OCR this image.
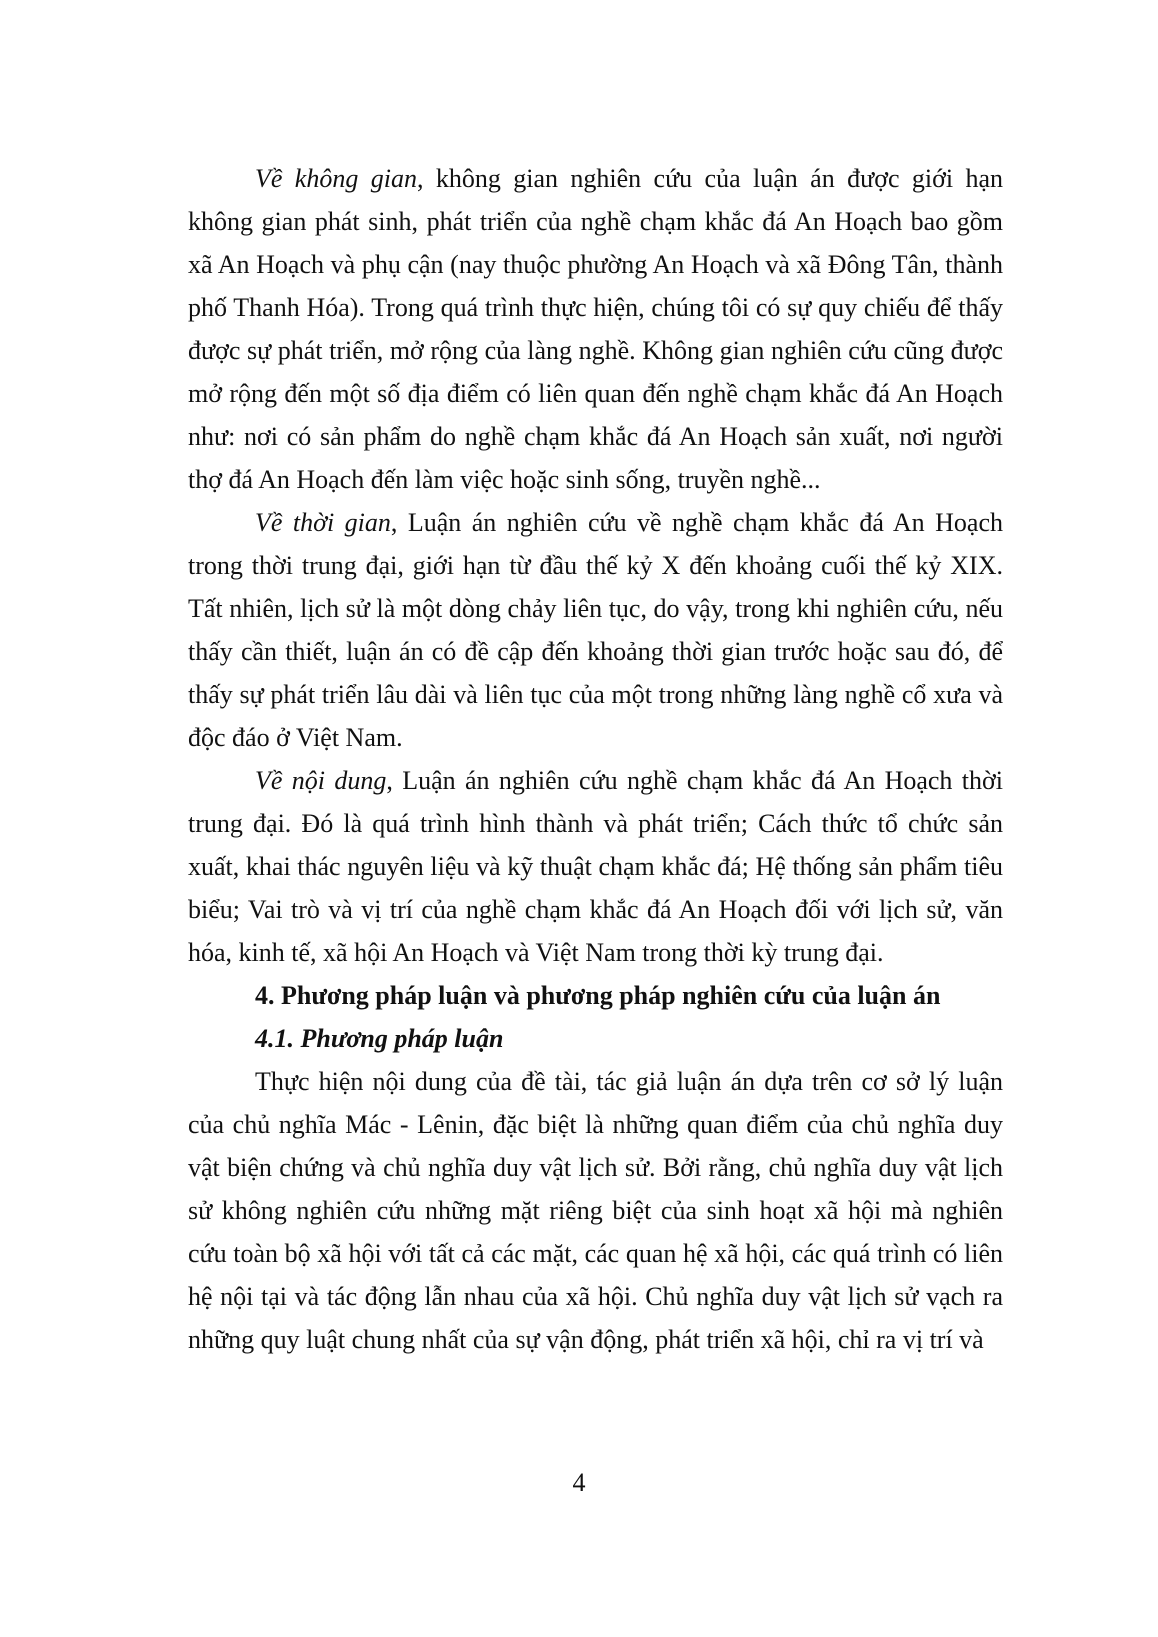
Về không gian, không gian nghiên cứu của luận án được giới hạn không gian phát sinh, phát triển của nghề chạm khắc đá An Hoạch bao gồm xã An Hoạch và phụ cận (nay thuộc phường An Hoạch và xã Đông Tân, thành phố Thanh Hóa). Trong quá trình thực hiện, chúng tôi có sự quy chiếu để thấy được sự phát triển, mở rộng của làng nghề. Không gian nghiên cứu cũng được mở rộng đến một số địa điểm có liên quan đến nghề chạm khắc đá An Hoạch như: nơi có sản phẩm do nghề chạm khắc đá An Hoạch sản xuất, nơi người thợ đá An Hoạch đến làm việc hoặc sinh sống, truyền nghề...

Về thời gian, Luận án nghiên cứu về nghề chạm khắc đá An Hoạch trong thời trung đại, giới hạn từ đầu thế kỷ X đến khoảng cuối thế kỷ XIX. Tất nhiên, lịch sử là một dòng chảy liên tục, do vậy, trong khi nghiên cứu, nếu thấy cần thiết, luận án có đề cập đến khoảng thời gian trước hoặc sau đó, để thấy sự phát triển lâu dài và liên tục của một trong những làng nghề cổ xưa và độc đáo ở Việt Nam.

Về nội dung, Luận án nghiên cứu nghề chạm khắc đá An Hoạch thời trung đại. Đó là quá trình hình thành và phát triển; Cách thức tổ chức sản xuất, khai thác nguyên liệu và kỹ thuật chạm khắc đá; Hệ thống sản phẩm tiêu biểu; Vai trò và vị trí của nghề chạm khắc đá An Hoạch đối với lịch sử, văn hóa, kinh tế, xã hội An Hoạch và Việt Nam trong thời kỳ trung đại.

4. Phương pháp luận và phương pháp nghiên cứu của luận án
4.1. Phương pháp luận

Thực hiện nội dung của đề tài, tác giả luận án dựa trên cơ sở lý luận của chủ nghĩa Mác - Lênin, đặc biệt là những quan điểm của chủ nghĩa duy vật biện chứng và chủ nghĩa duy vật lịch sử. Bởi rằng, chủ nghĩa duy vật lịch sử không nghiên cứu những mặt riêng biệt của sinh hoạt xã hội mà nghiên cứu toàn bộ xã hội với tất cả các mặt, các quan hệ xã hội, các quá trình có liên hệ nội tại và tác động lẫn nhau của xã hội. Chủ nghĩa duy vật lịch sử vạch ra những quy luật chung nhất của sự vận động, phát triển xã hội, chỉ ra vị trí và

4
